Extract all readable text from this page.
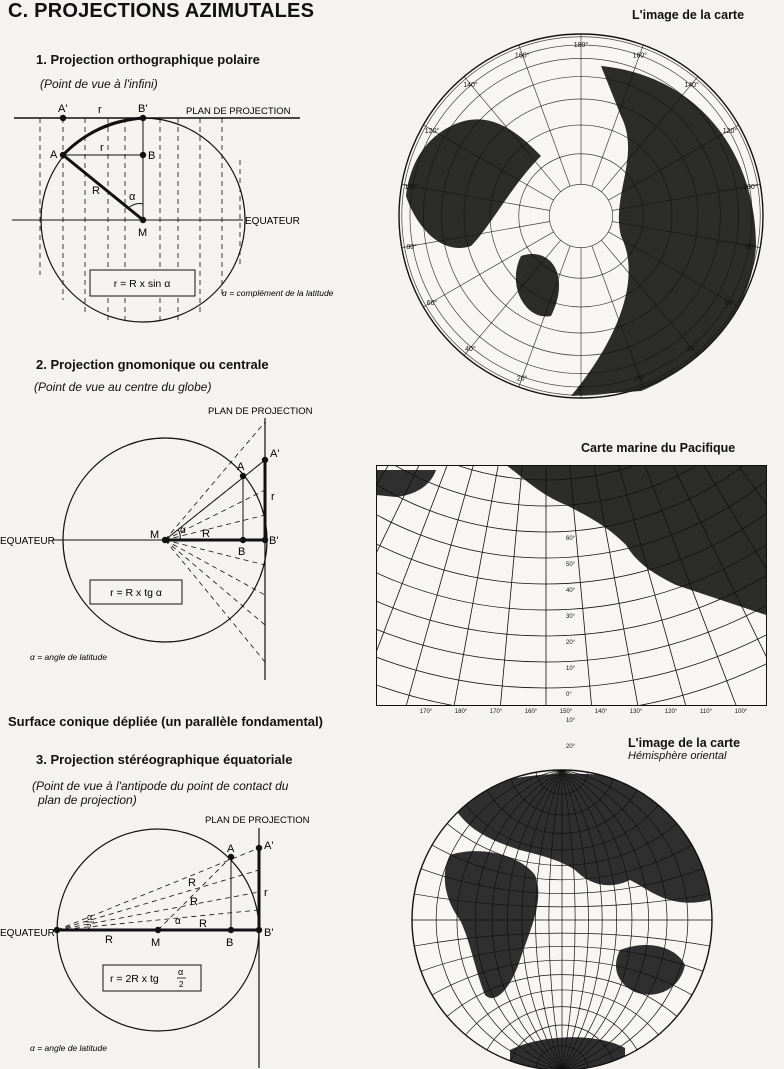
C. PROJECTIONS AZIMUTALES
1. Projection orthographique polaire
(Point de vue à l'infini)
A'	r	B'	PLAN DE PROJECTION
A
r
B
R	α
M
EQUATEUR
r = R x sin α
α = complément de la latitude
2. Projection gnomonique ou centrale
(Point de vue au centre du globe)
PLAN DE PROJECTION
A'
A
r
M α R
B
B'
EQUATEUR
r = R x tg α
α = angle de latitude
Surface conique dépliée (un parallèle fondamental)
3. Projection stéréographique équatoriale
(Point de vue à l'antipode du point de contact du
plan de projection)
PLAN DE PROJECTION
A	A'
R
r
α
2
α
R
R
R
M	B
B'
EQUATEUR
r = 2R x tg
α
2
α = angle de latitude
L'image de la carte
180°
160°	160°
140°	140°
120°	120°
100°	100°
80°	80°
60°	60°
40°	40°
20°	20°
0°
Carte marine du Pacifique
60°
50°
40°
30°
20°
10°
0°
10°
20°
170°	180°	170°	160°	150°	140°	130°	120°	110°	100°
L'image de la carte
Hémisphère oriental
